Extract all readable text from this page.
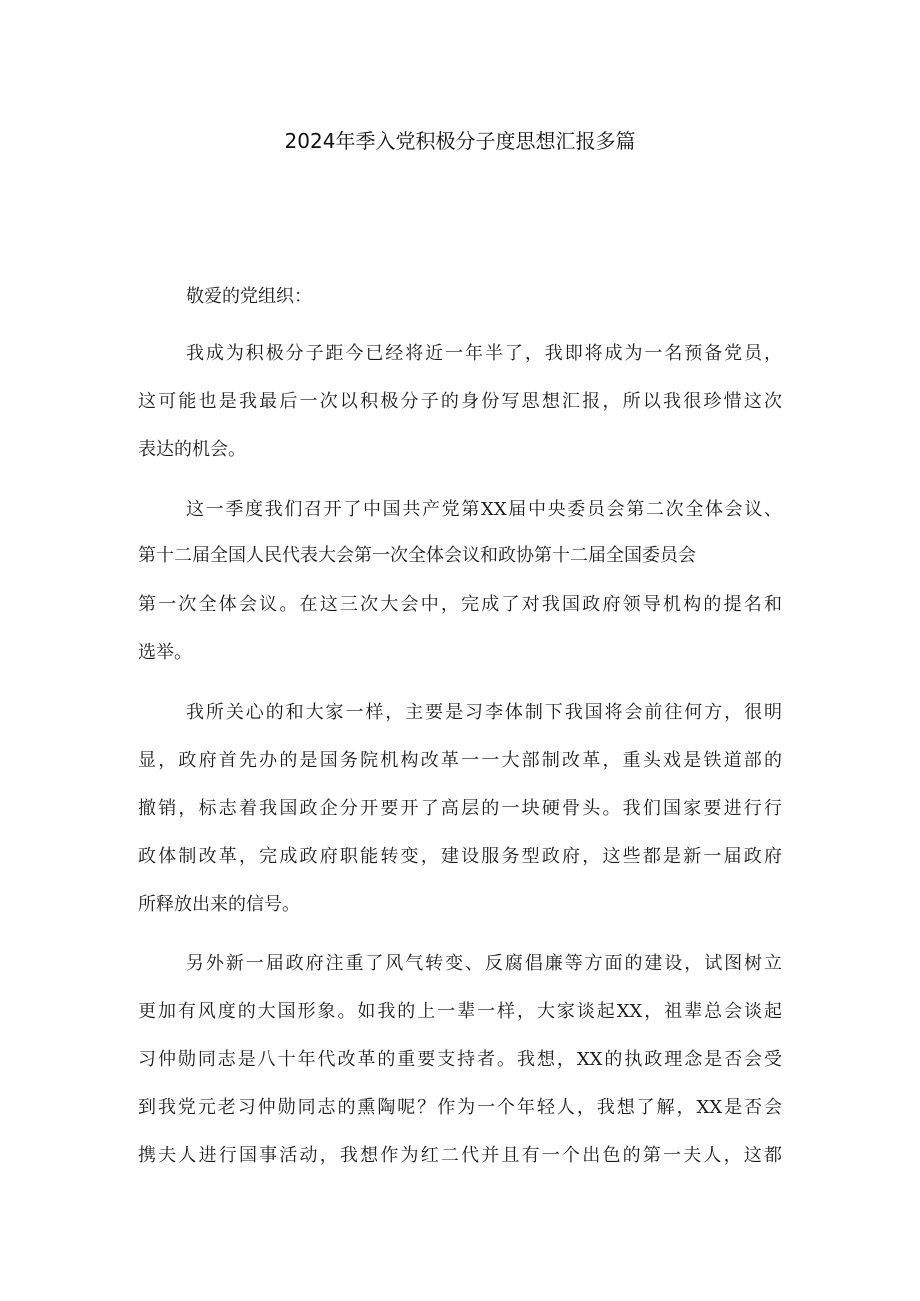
2024年季入党积极分子度思想汇报多篇
敬爱的党组织：
我成为积极分子距今已经将近一年半了，我即将成为一名预备党员，
这可能也是我最后一次以积极分子的身份写思想汇报，所以我很珍惜这次
表达的机会。
这一季度我们召开了中国共产党第XX届中央委员会第二次全体会议、
第十二届全国人民代表大会第一次全体会议和政协第十二届全国委员会
第一次全体会议。在这三次大会中，完成了对我国政府领导机构的提名和
选举。
我所关心的和大家一样，主要是习李体制下我国将会前往何方，很明
显，政府首先办的是国务院机构改革一一大部制改革，重头戏是铁道部的
撤销，标志着我国政企分开要开了高层的一块硬骨头。我们国家要进行行
政体制改革，完成政府职能转变，建设服务型政府，这些都是新一届政府
所释放出来的信号。
另外新一届政府注重了风气转变、反腐倡廉等方面的建设，试图树立
更加有风度的大国形象。如我的上一辈一样，大家谈起XX，祖辈总会谈起
习仲勋同志是八十年代改革的重要支持者。我想，XX的执政理念是否会受
到我党元老习仲勋同志的熏陶呢？作为一个年轻人，我想了解，XX是否会
携夫人进行国事活动，我想作为红二代并且有一个出色的第一夫人，这都
